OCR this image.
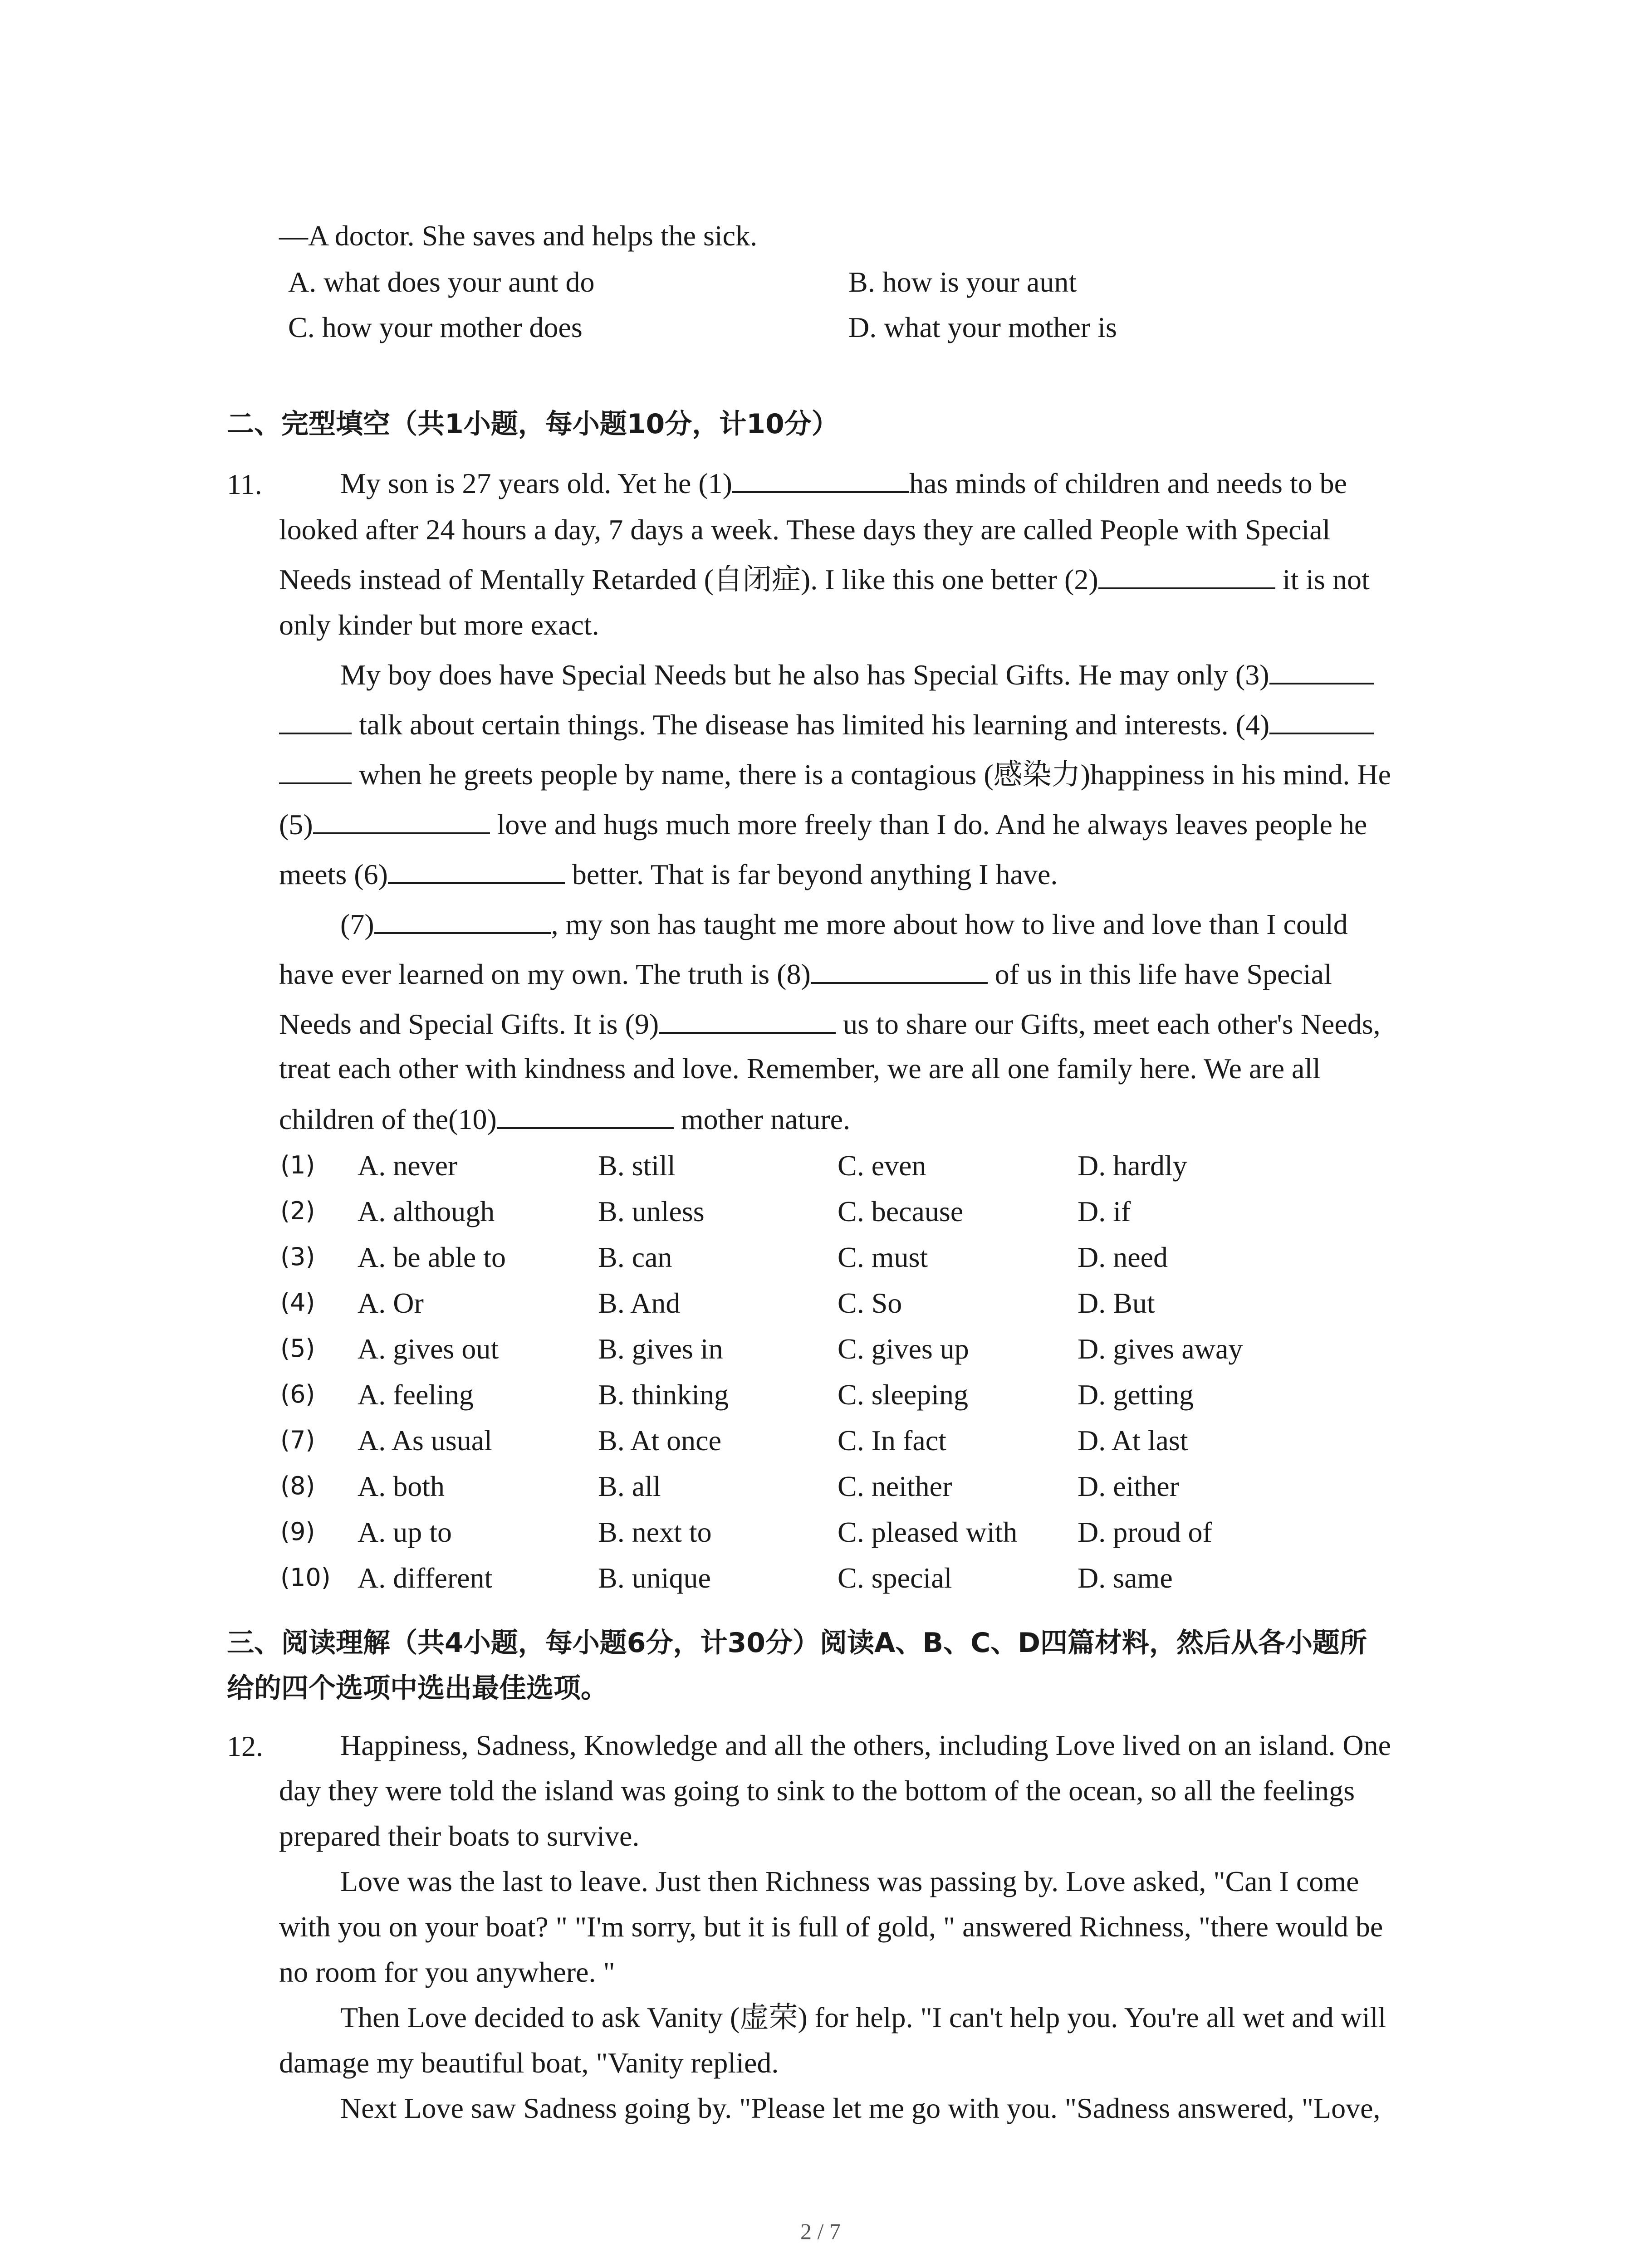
—A doctor. She saves and helps the sick.
A. what does your aunt do	B. how is your aunt
C. how your mother does	D. what your mother is
二、完型填空（共1小题，每小题10分，计10分）
11.	My son is 27 years old. Yet he (1)	has minds of children and needs to be
looked after 24 hours a day, 7 days a week. These days they are called People with Special
Needs instead of Mentally Retarded (自闭症). I like this one better (2)	it is not
only kinder but more exact.
My boy does have Special Needs but he also has Special Gifts. He may only (3)
talk about certain things. The disease has limited his learning and interests. (4)
when he greets people by name, there is a contagious (感染力)happiness in his mind. He
(5)	love and hugs much more freely than I do. And he always leaves people he
meets (6)	better. That is far beyond anything I have.
(7)	, my son has taught me more about how to live and love than I could
have ever learned on my own. The truth is (8)	of us in this life have Special
Needs and Special Gifts. It is (9)	us to share our Gifts, meet each other's Needs,
treat each other with kindness and love. Remember, we are all one family here. We are all
children of the(10)	mother nature.
(1) A. never	B. still	C. even	D. hardly
(2) A. although	B. unless	C. because	D. if
(3) A. be able to	B. can	C. must	D. need
(4) A. Or	B. And	C. So	D. But
(5) A. gives out	B. gives in	C. gives up	D. gives away
(6) A. feeling	B. thinking	C. sleeping	D. getting
(7) A. As usual	B. At once	C. In fact	D. At last
(8) A. both	B. all	C. neither	D. either
(9) A. up to	B. next to	C. pleased with D. proud of
(10) A. different	B. unique	C. special	D. same
三、阅读理解（共4小题，每小题6分，计30分）阅读A、B、C、D四篇材料，然后从各小题所
给的四个选项中选出最佳选项。
12.	Happiness, Sadness, Knowledge and all the others, including Love lived on an island. One
day they were told the island was going to sink to the bottom of the ocean, so all the feelings
prepared their boats to survive.
Love was the last to leave. Just then Richness was passing by. Love asked, "Can I come
with you on your boat? " "I'm sorry, but it is full of gold, " answered Richness, "there would be
no room for you anywhere. "
Then Love decided to ask Vanity (虚荣) for help. "I can't help you. You're all wet and will
damage my beautiful boat, "Vanity replied.
Next Love saw Sadness going by. "Please let me go with you. "Sadness answered, "Love,
2 / 7
